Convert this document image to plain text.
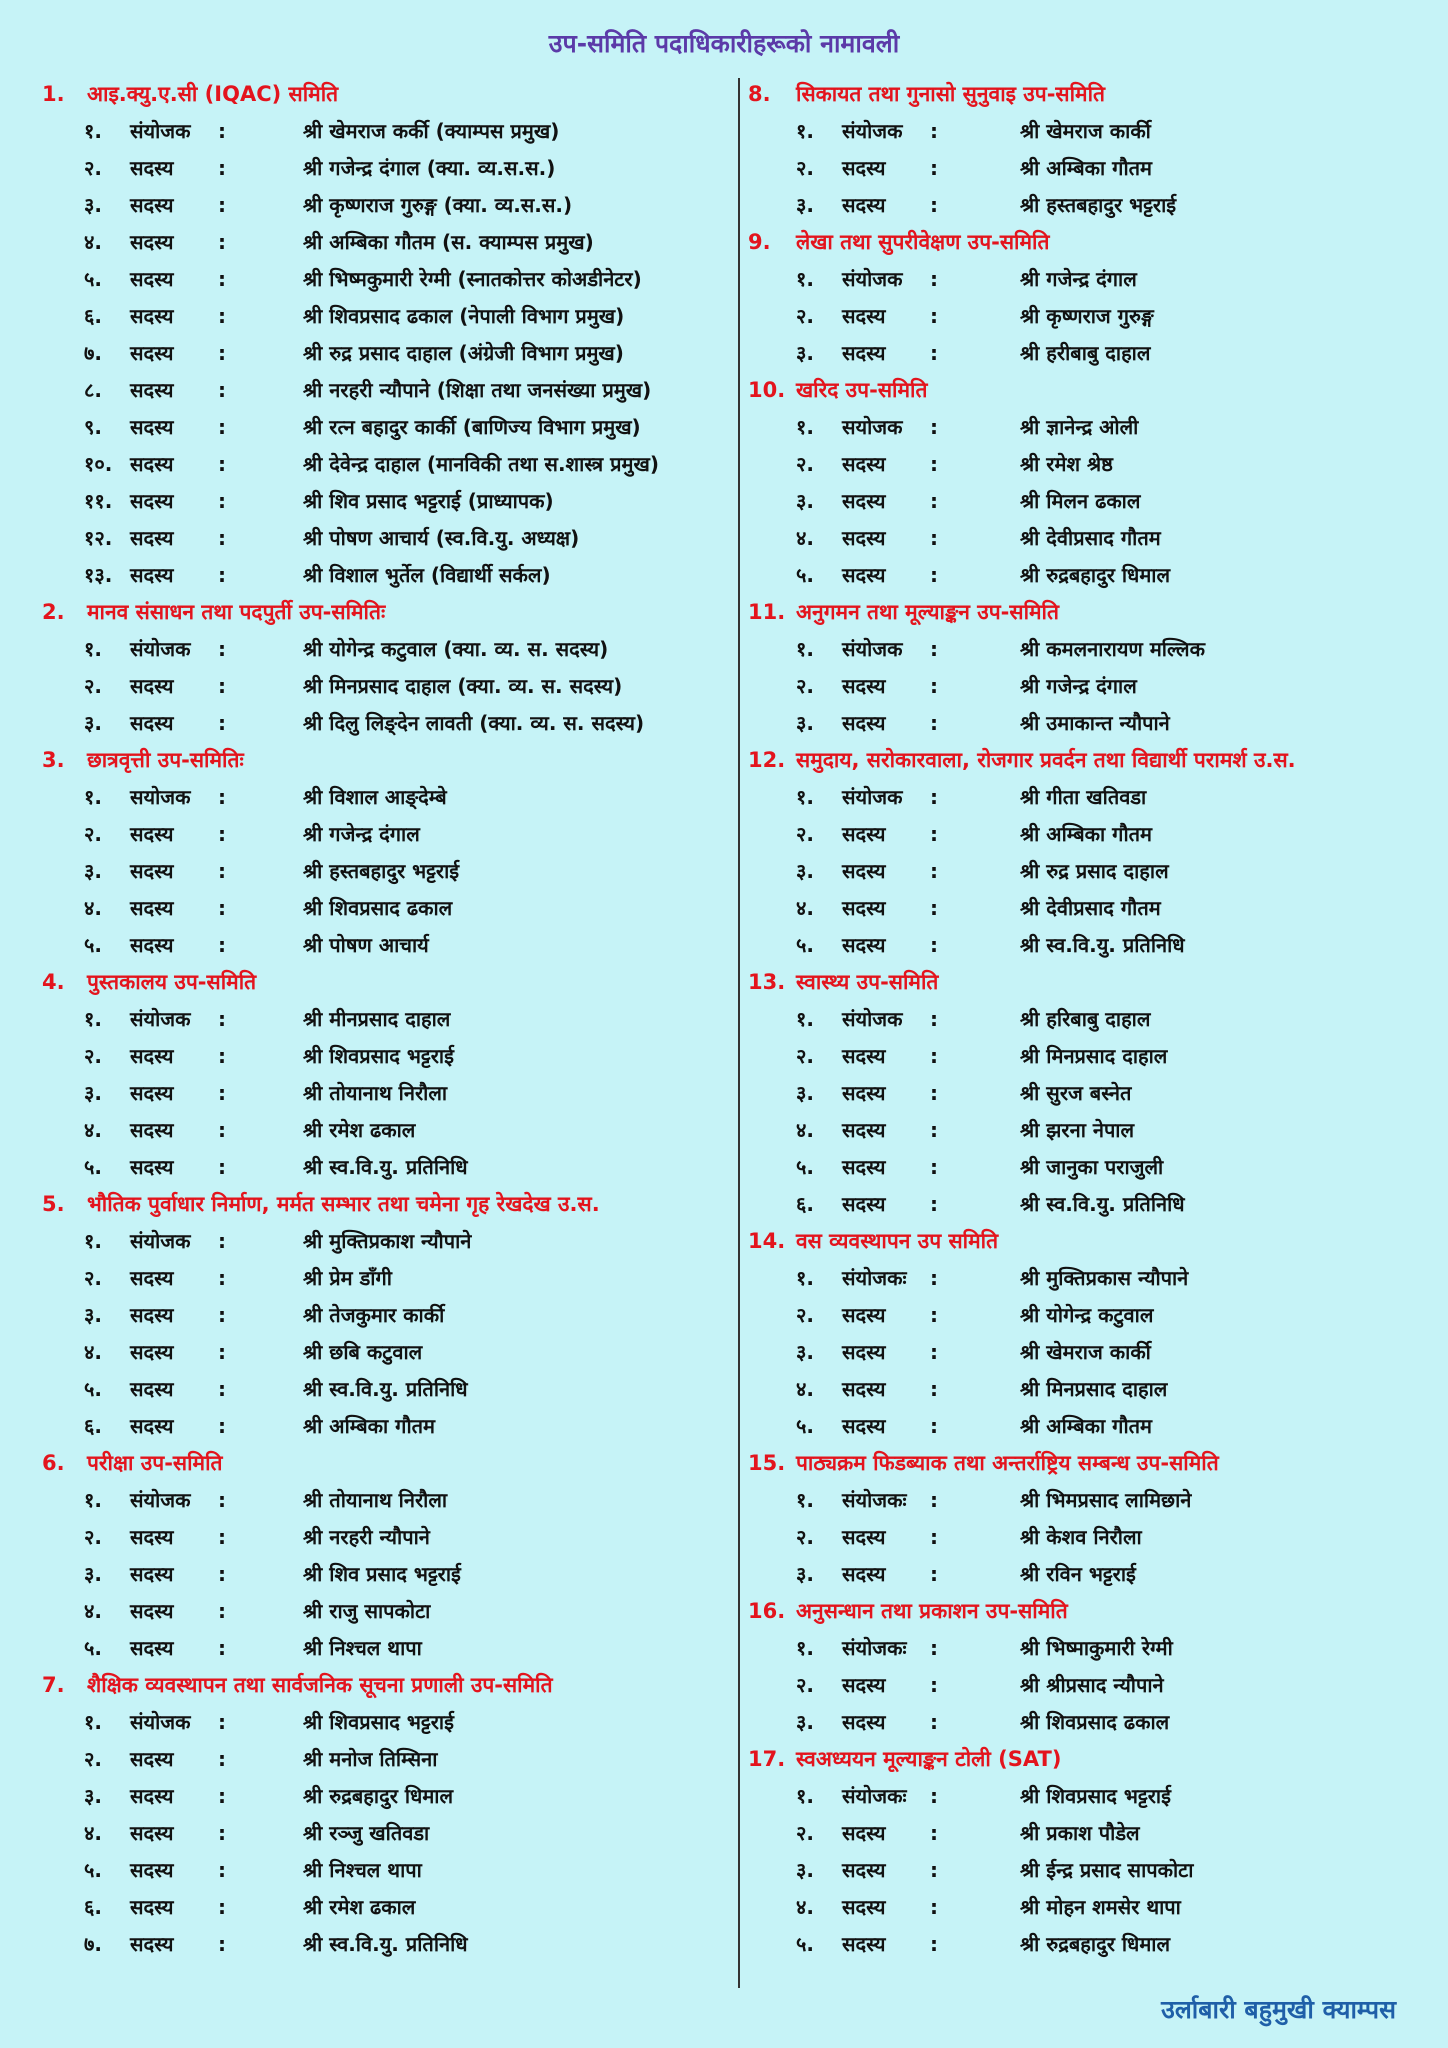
उप-समिति पदाधिकारीहरूको नामावली
1. आइ.क्यु.ए.सी (IQAC) समिति
१. संयोजक :	श्री खेमराज कर्की (क्याम्पस प्रमुख)
२. सदस्य :	श्री गजेन्द्र दंगाल (क्या. व्य.स.स.)
३. सदस्य :	श्री कृष्णराज गुरुङ्ग (क्या. व्य.स.स.)
४. सदस्य :	श्री अम्बिका गौतम (स. क्याम्पस प्रमुख)
५. सदस्य :	श्री भिष्मकुमारी रेग्मी (स्नातकोत्तर कोअडीनेटर)
६. सदस्य :	श्री शिवप्रसाद ढकाल (नेपाली विभाग प्रमुख)
७. सदस्य :	श्री रुद्र प्रसाद दाहाल (अंग्रेजी विभाग प्रमुख)
८. सदस्य :	श्री नरहरी न्यौपाने (शिक्षा तथा जनसंख्या प्रमुख)
९. सदस्य :	श्री रत्न बहादुर कार्की (बाणिज्य विभाग प्रमुख)
१०. सदस्य :	श्री देवेन्द्र दाहाल (मानविकी तथा स.शास्त्र प्रमुख)
११. सदस्य :	श्री शिव प्रसाद भट्टराई (प्राध्यापक)
१२. सदस्य :	श्री पोषण आचार्य (स्व.वि.यु. अध्यक्ष)
१३. सदस्य :	श्री विशाल भुर्तेल (विद्यार्थी सर्कल)
2. मानव संसाधन तथा पदपुर्ती उप-समितिः
१. संयोजक :	श्री योगेन्द्र कटुवाल (क्या. व्य. स. सदस्य)
२. सदस्य :	श्री मिनप्रसाद दाहाल (क्या. व्य. स. सदस्य)
३. सदस्य :	श्री दिलु लिङ्देन लावती (क्या. व्य. स. सदस्य)
3. छात्रवृत्ती उप-समितिः
१. सयोजक :	श्री विशाल आङ्देम्बे
२. सदस्य :	श्री गजेन्द्र दंगाल
३. सदस्य :	श्री हस्तबहादुर भट्टराई
४. सदस्य :	श्री शिवप्रसाद ढकाल
५. सदस्य :	श्री पोषण आचार्य
4. पुस्तकालय उप-समिति
१. संयोजक :	श्री मीनप्रसाद दाहाल
२. सदस्य :	श्री शिवप्रसाद भट्टराई
३. सदस्य :	श्री तोयानाथ निरौला
४. सदस्य :	श्री रमेश ढकाल
५. सदस्य :	श्री स्व.वि.यु. प्रतिनिधि
5. भौतिक पुर्वाधार निर्माण, मर्मत सम्भार तथा चमेना गृह रेखदेख उ.स.
१. संयोजक :	श्री मुक्तिप्रकाश न्यौपाने
२. सदस्य :	श्री प्रेम डाँगी
३. सदस्य :	श्री तेजकुमार कार्की
४. सदस्य :	श्री छबि कटुवाल
५. सदस्य :	श्री स्व.वि.यु. प्रतिनिधि
६. सदस्य :	श्री अम्बिका गौतम
6. परीक्षा उप-समिति
१. संयोजक :	श्री तोयानाथ निरौला
२. सदस्य :	श्री नरहरी न्यौपाने
३. सदस्य :	श्री शिव प्रसाद भट्टराई
४. सदस्य :	श्री राजु सापकोटा
५. सदस्य :	श्री निश्चल थापा
7. शैक्षिक व्यवस्थापन तथा सार्वजनिक सूचना प्रणाली उप-समिति
१. संयोजक :	श्री शिवप्रसाद भट्टराई
२. सदस्य :	श्री मनोज तिम्सिना
३. सदस्य :	श्री रुद्रबहादुर धिमाल
४. सदस्य :	श्री रञ्जु खतिवडा
५. सदस्य :	श्री निश्चल थापा
६. सदस्य :	श्री रमेश ढकाल
७. सदस्य :	श्री स्व.वि.यु. प्रतिनिधि
8. सिकायत तथा गुनासो सुनुवाइ उप-समिति
१. संयोजक :	श्री खेमराज कार्की
२. सदस्य :	श्री अम्बिका गौतम
३. सदस्य :	श्री हस्तबहादुर भट्टराई
9. लेखा तथा सुपरीवेक्षण उप-समिति
१. संयोजक :	श्री गजेन्द्र दंगाल
२. सदस्य :	श्री कृष्णराज गुरुङ्ग
३. सदस्य :	श्री हरीबाबु दाहाल
10. खरिद उप-समिति
१. सयोजक :	श्री ज्ञानेन्द्र ओली
२. सदस्य :	श्री रमेश श्रेष्ठ
३. सदस्य :	श्री मिलन ढकाल
४. सदस्य :	श्री देवीप्रसाद गौतम
५. सदस्य :	श्री रुद्रबहादुर धिमाल
11. अनुगमन तथा मूल्याङ्कन उप-समिति
१. संयोजक :	श्री कमलनारायण मल्लिक
२. सदस्य :	श्री गजेन्द्र दंगाल
३. सदस्य :	श्री उमाकान्त न्यौपाने
12. समुदाय, सरोकारवाला, रोजगार प्रवर्दन तथा विद्यार्थी परामर्श उ.स.
१. संयोजक :	श्री गीता खतिवडा
२. सदस्य :	श्री अम्बिका गौतम
३. सदस्य :	श्री रुद्र प्रसाद दाहाल
४. सदस्य :	श्री देवीप्रसाद गौतम
५. सदस्य :	श्री स्व.वि.यु. प्रतिनिधि
13. स्वास्थ्य उप-समिति
१. संयोजक :	श्री हरिबाबु दाहाल
२. सदस्य :	श्री मिनप्रसाद दाहाल
३. सदस्य :	श्री सुरज बस्नेत
४. सदस्य :	श्री झरना नेपाल
५. सदस्य :	श्री जानुका पराजुली
६. सदस्य :	श्री स्व.वि.यु. प्रतिनिधि
14. वस व्यवस्थापन उप समिति
१. संयोजकः :	श्री मुक्तिप्रकास न्यौपाने
२. सदस्य :	श्री योगेन्द्र कटुवाल
३. सदस्य :	श्री खेमराज कार्की
४. सदस्य :	श्री मिनप्रसाद दाहाल
५. सदस्य :	श्री अम्बिका गौतम
15. पाठ्यक्रम फिडब्याक तथा अन्तर्राष्ट्रिय सम्बन्ध उप-समिति
१. संयोजकः :	श्री भिमप्रसाद लामिछाने
२. सदस्य :	श्री केशव निरौला
३. सदस्य :	श्री रविन भट्टराई
16. अनुसन्धान तथा प्रकाशन उप-समिति
१. संयोजकः :	श्री भिष्माकुमारी रेग्मी
२. सदस्य :	श्री श्रीप्रसाद न्यौपाने
३. सदस्य :	श्री शिवप्रसाद ढकाल
17. स्वअध्ययन मूल्याङ्कन टोली (SAT)
१. संयोजकः :	श्री शिवप्रसाद भट्टराई
२. सदस्य :	श्री प्रकाश पौडेल
३. सदस्य :	श्री ईन्द्र प्रसाद सापकोटा
४. सदस्य :	श्री मोहन शमसेर थापा
५. सदस्य :	श्री रुद्रबहादुर धिमाल
उर्लाबारी बहुमुखी क्याम्पस
